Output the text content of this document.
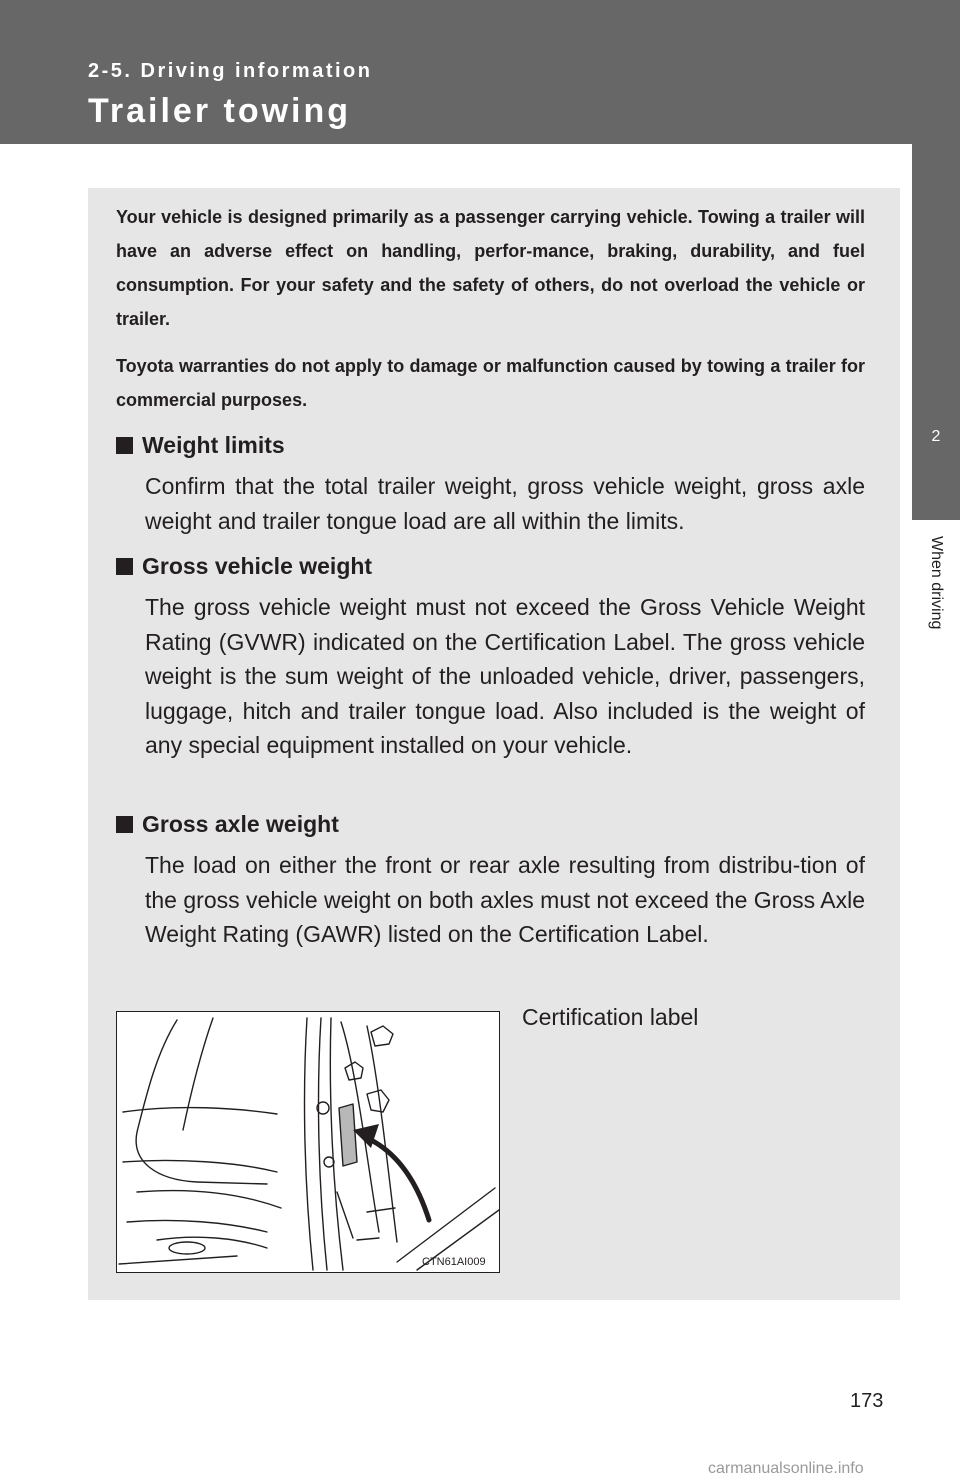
2-5. Driving information
Trailer towing
2
When driving
Your vehicle is designed primarily as a passenger carrying vehicle. Towing a trailer will have an adverse effect on handling, perfor-mance, braking, durability, and fuel consumption. For your safety and the safety of others, do not overload the vehicle or trailer.
Toyota warranties do not apply to damage or malfunction caused by towing a trailer for commercial purposes.
Weight limits
Confirm that the total trailer weight, gross vehicle weight, gross axle weight and trailer tongue load are all within the limits.
Gross vehicle weight
The gross vehicle weight must not exceed the Gross Vehicle Weight Rating (GVWR) indicated on the Certification Label. The gross vehicle weight is the sum weight of the unloaded vehicle, driver, passengers, luggage, hitch and trailer tongue load. Also included is the weight of any special equipment installed on your vehicle.
Gross axle weight
The load on either the front or rear axle resulting from distribu-tion of the gross vehicle weight on both axles must not exceed the Gross Axle Weight Rating (GAWR) listed on the Certification Label.
CTN61AI009
Certification label
173
carmanualsonline.info
